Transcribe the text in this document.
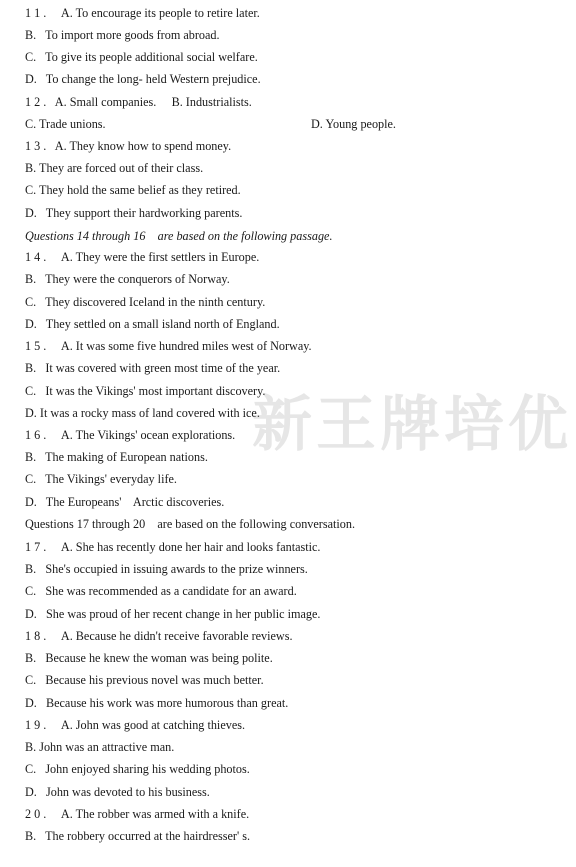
1 1 .     A. To encourage its people to retire later.
B.   To import more goods from abroad.
C.   To give its people additional social welfare.
D.   To change the long- held Western prejudice.
1 2 .   A. Small companies.     B. Industrialists.
C. Trade unions.	D. Young people.
1 3 .   A. They know how to spend money.
B. They are forced out of their class.
C. They hold the same belief as they retired.
D.   They support their hardworking parents.
Questions 14 through 16    are based on the following passage.
1 4 .     A. They were the first settlers in Europe.
B.   They were the conquerors of Norway.
C.   They discovered Iceland in the ninth century.
D.   They settled on a small island north of England.
1 5 .     A. It was some five hundred miles west of Norway.
B.   It was covered with green most time of the year.
C.   It was the Vikings' most important discovery.
D. It was a rocky mass of land covered with ice.
1 6 .     A. The Vikings' ocean explorations.
B.   The making of European nations.
C.   The Vikings' everyday life.
D.   The Europeans'    Arctic discoveries.
Questions 17 through 20    are based on the following conversation.
1 7 .     A. She has recently done her hair and looks fantastic.
B.   She's occupied in issuing awards to the prize winners.
C.   She was recommended as a candidate for an award.
D.   She was proud of her recent change in her public image.
1 8 .     A. Because he didn't receive favorable reviews.
B.   Because he knew the woman was being polite.
C.   Because his previous novel was much better.
D.   Because his work was more humorous than great.
1 9 .     A. John was good at catching thieves.
B. John was an attractive man.
C.   John enjoyed sharing his wedding photos.
D.   John was devoted to his business.
2 0 .     A. The robber was armed with a knife.
B.   The robbery occurred at the hairdresser' s.
新王牌培优
